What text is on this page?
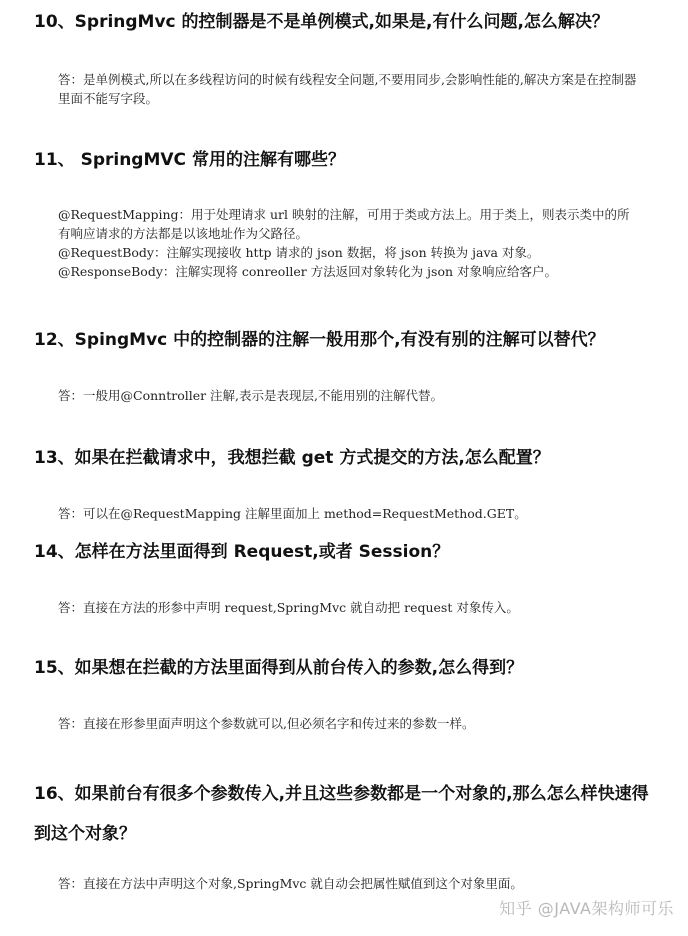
10、SpringMvc 的控制器是不是单例模式,如果是,有什么问题,怎么解决？

答：是单例模式,所以在多线程访问的时候有线程安全问题,不要用同步,会影响性能的,解决方案是在控制器里面不能写字段。

11、 SpringMVC 常用的注解有哪些？

@RequestMapping：用于处理请求 url 映射的注解，可用于类或方法上。用于类上，则表示类中的所有响应请求的方法都是以该地址作为父路径。

@RequestBody：注解实现接收 http 请求的 json 数据，将 json 转换为 java 对象。

@ResponseBody：注解实现将 conreoller 方法返回对象转化为 json 对象响应给客户。

12、SpingMvc 中的控制器的注解一般用那个,有没有别的注解可以替代？

答：一般用@Conntroller 注解,表示是表现层,不能用别的注解代替。

13、如果在拦截请求中，我想拦截 get 方式提交的方法,怎么配置？

答：可以在@RequestMapping 注解里面加上 method=RequestMethod.GET。

14、怎样在方法里面得到 Request,或者 Session？

答：直接在方法的形参中声明 request,SpringMvc 就自动把 request 对象传入。

15、如果想在拦截的方法里面得到从前台传入的参数,怎么得到？

答：直接在形参里面声明这个参数就可以,但必须名字和传过来的参数一样。

16、如果前台有很多个参数传入,并且这些参数都是一个对象的,那么怎么样快速得到这个对象？

答：直接在方法中声明这个对象,SpringMvc 就自动会把属性赋值到这个对象里面。

知乎 @JAVA架构师可乐
